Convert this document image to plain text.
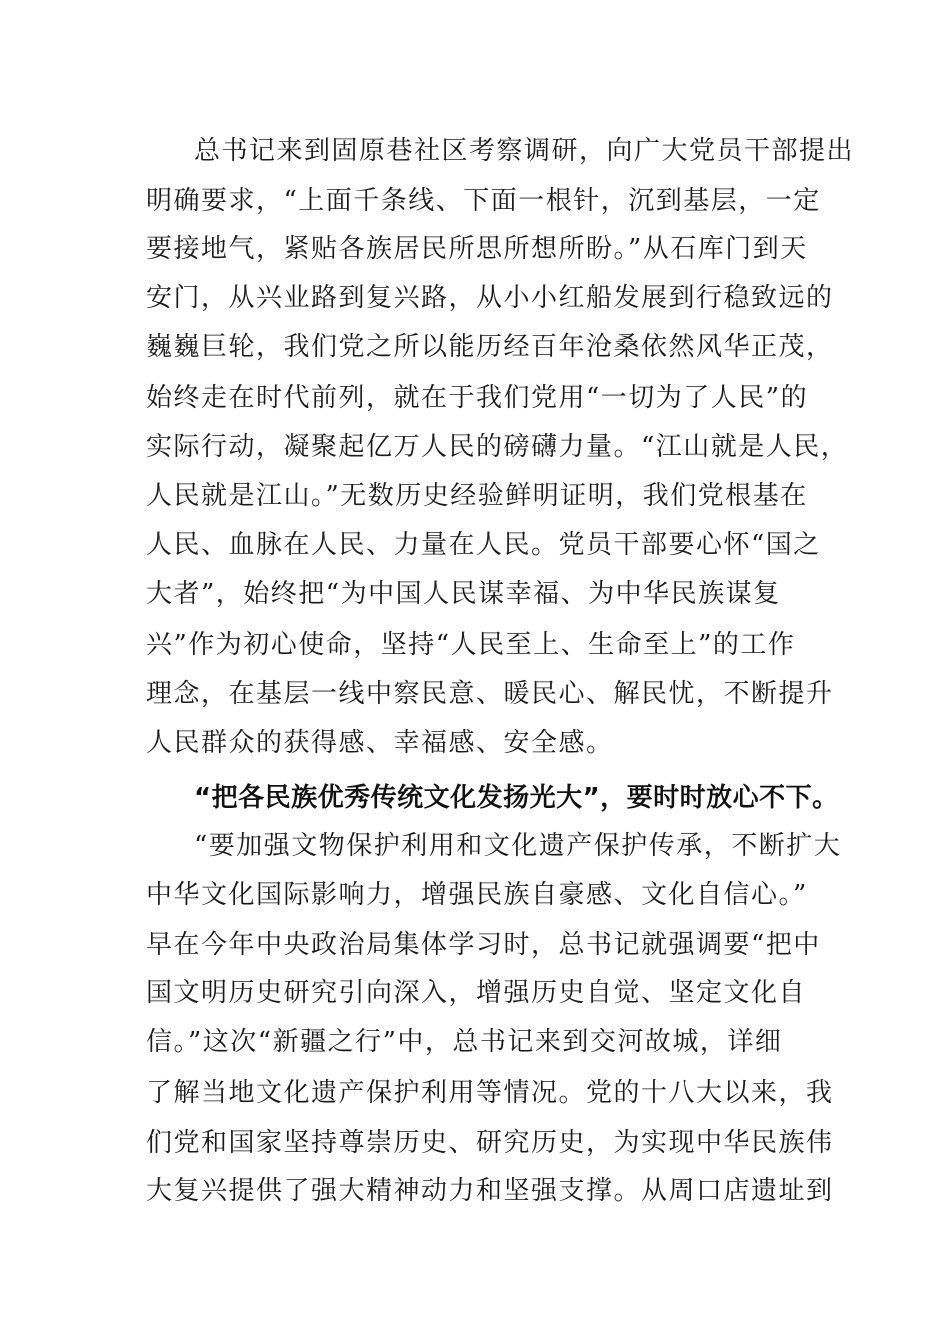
总书记来到固原巷社区考察调研，向广大党员干部提出
明确要求，“上面千条线、下面一根针，沉到基层，一定
要接地气，紧贴各族居民所思所想所盼。”从石库门到天
安门，从兴业路到复兴路，从小小红船发展到行稳致远的
巍巍巨轮，我们党之所以能历经百年沧桑依然风华正茂，
始终走在时代前列，就在于我们党用“一切为了人民”的
实际行动，凝聚起亿万人民的磅礴力量。“江山就是人民，
人民就是江山。”无数历史经验鲜明证明，我们党根基在
人民、血脉在人民、力量在人民。党员干部要心怀“国之
大者”，始终把“为中国人民谋幸福、为中华民族谋复
兴”作为初心使命，坚持“人民至上、生命至上”的工作
理念，在基层一线中察民意、暖民心、解民忧，不断提升
人民群众的获得感、幸福感、安全感。
“把各民族优秀传统文化发扬光大”，要时时放心不下。
“要加强文物保护利用和文化遗产保护传承，不断扩大
中华文化国际影响力，增强民族自豪感、文化自信心。”
早在今年中央政治局集体学习时，总书记就强调要“把中
国文明历史研究引向深入，增强历史自觉、坚定文化自
信。”这次“新疆之行”中，总书记来到交河故城，详细
了解当地文化遗产保护利用等情况。党的十八大以来，我
们党和国家坚持尊崇历史、研究历史，为实现中华民族伟
大复兴提供了强大精神动力和坚强支撑。从周口店遗址到
